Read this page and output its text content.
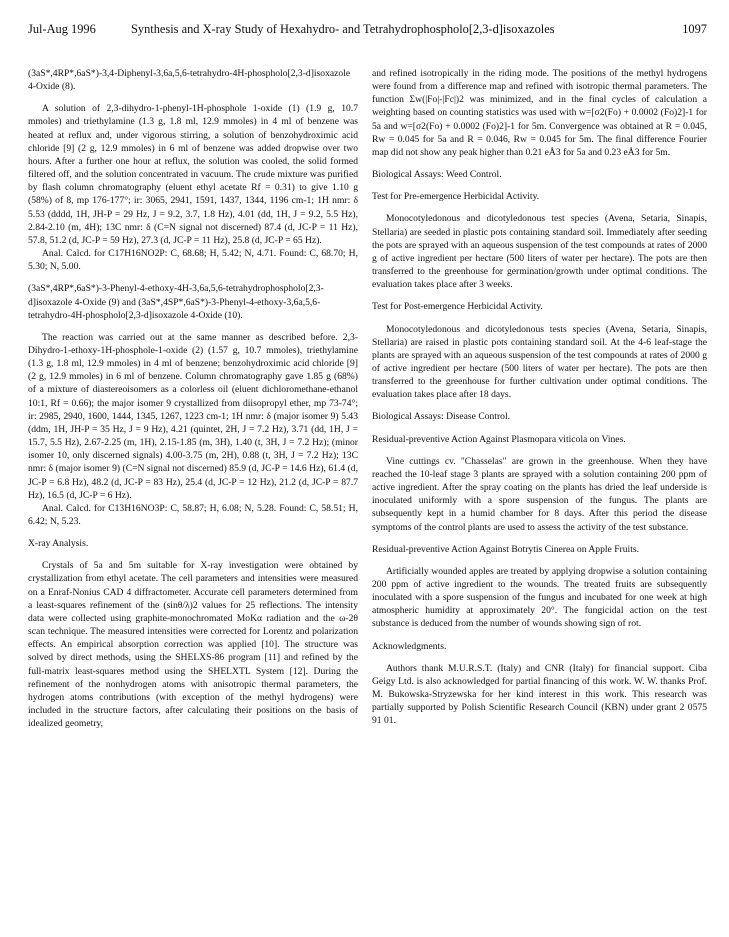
Jul-Aug 1996	Synthesis and X-ray Study of Hexahydro- and Tetrahydrophospholo[2,3-d]isoxazoles	1097

(3aS*,4RP*,6aS*)-3,4-Diphenyl-3,6a,5,6-tetrahydro-4H-phospholo[2,3-d]isoxazole 4-Oxide (8).

A solution of 2,3-dihydro-1-phenyl-1H-phosphole 1-oxide (1) (1.9 g, 10.7 mmoles) and triethylamine (1.3 g, 1.8 ml, 12.9 mmoles) in 4 ml of benzene was heated at reflux and, under vigorous stirring, a solution of benzohydroximic acid chloride [9] (2 g, 12.9 mmoles) in 6 ml of benzene was added dropwise over two hours. After a further one hour at reflux, the solution was cooled, the solid formed filtered off, and the solution concentrated in vacuum. The crude mixture was purified by flash column chromatography (eluent ethyl acetate Rf = 0.31) to give 1.10 g (58%) of 8, mp 176-177°; ir: 3065, 2941, 1591, 1437, 1344, 1196 cm-1; 1H nmr: δ 5.53 (dddd, 1H, JH-P = 29 Hz, J = 9.2, 3.7, 1.8 Hz), 4.01 (dd, 1H, J = 9.2, 5.5 Hz), 2.84-2.10 (m, 4H); 13C nmr: δ (C=N signal not discerned) 87.4 (d, JC-P = 11 Hz), 57.8, 51.2 (d, JC-P = 59 Hz), 27.3 (d, JC-P = 11 Hz), 25.8 (d, JC-P = 65 Hz).

Anal. Calcd. for C17H16NO2P: C, 68.68; H, 5.42; N, 4.71. Found: C, 68.70; H, 5.30; N, 5.00.

(3aS*,4RP*,6aS*)-3-Phenyl-4-ethoxy-4H-3,6a,5,6-tetrahydrophospholo[2,3-d]isoxazole 4-Oxide (9) and (3aS*,4SP*,6aS*)-3-Phenyl-4-ethoxy-3,6a,5,6-tetrahydro-4H-phospholo[2,3-d]isoxazole 4-Oxide (10).

The reaction was carried out at the same manner as described before. 2,3-Dihydro-1-ethoxy-1H-phosphole-1-oxide (2) (1.57 g, 10.7 mmoles), triethylamine (1.3 g, 1.8 ml, 12.9 mmoles) in 4 ml of benzene; benzohydroximic acid chloride [9] (2 g, 12.9 mmoles) in 6 ml of benzene. Column chromatography gave 1.85 g (68%) of a mixture of diastereoisomers as a colorless oil (eluent dichloromethane-ethanol 10:1, Rf = 0.66); the major isomer 9 crystallized from diisopropyl ether, mp 73-74°; ir: 2985, 2940, 1600, 1444, 1345, 1267, 1223 cm-1; 1H nmr: δ (major isomer 9) 5.43 (ddm, 1H, JH-P = 35 Hz, J = 9 Hz), 4.21 (quintet, 2H, J = 7.2 Hz), 3.71 (dd, 1H, J = 15.7, 5.5 Hz), 2.67-2.25 (m, 1H), 2.15-1.85 (m, 3H), 1.40 (t, 3H, J = 7.2 Hz); (minor isomer 10, only discerned signals) 4.00-3.75 (m, 2H), 0.88 (t, 3H, J = 7.2 Hz); 13C nmr: δ (major isomer 9) (C=N signal not discerned) 85.9 (d, JC-P = 14.6 Hz), 61.4 (d, JC-P = 6.8 Hz), 48.2 (d, JC-P = 83 Hz), 25.4 (d, JC-P = 12 Hz), 21.2 (d, JC-P = 87.7 Hz), 16.5 (d, JC-P = 6 Hz).

Anal. Calcd. for C13H16NO3P: C, 58.87; H, 6.08; N, 5.28. Found: C, 58.51; H, 6.42; N, 5.23.

X-ray Analysis.

Crystals of 5a and 5m suitable for X-ray investigation were obtained by crystallization from ethyl acetate. The cell parameters and intensities were measured on a Enraf-Nonius CAD 4 diffractometer. Accurate cell parameters determined from a least-squares refinement of the (sinθ/λ)2 values for 25 reflections. The intensity data were collected using graphite-monochromated MoKα radiation and the ω-2θ scan technique. The measured intensities were corrected for Lorentz and polarization effects. An empirical absorption correction was applied [10]. The structure was solved by direct methods, using the SHELXS-86 program [11] and refined by the full-matrix least-squares method using the SHELXTL System [12]. During the refinement of the nonhydrogen atoms with anisotropic thermal parameters, the hydrogen atoms contributions (with exception of the methyl hydrogens) were included in the structure factors, after calculating their positions on the basis of idealized geometry,

and refined isotropically in the riding mode. The positions of the methyl hydrogens were found from a difference map and refined with isotropic thermal parameters. The function Σw(|Fo|-|Fc|)2 was minimized, and in the final cycles of calculation a weighting based on counting statistics was used with w=[σ2(Fo) + 0.0002 (Fo)2]-1 for 5a and w=[σ2(Fo) + 0.0002 (Fo)2]-1 for 5m. Convergence was obtained at R = 0.045, Rw = 0.045 for 5a and R = 0.046, Rw = 0.045 for 5m. The final difference Fourier map did not show any peak higher than 0.21 eÅ3 for 5a and 0.23 eÅ3 for 5m.

Biological Assays: Weed Control.

Test for Pre-emergence Herbicidal Activity.

Monocotyledonous and dicotyledonous test species (Avena, Setaria, Sinapis, Stellaria) are seeded in plastic pots containing standard soil. Immediately after seeding the pots are sprayed with an aqueous suspension of the test compounds at rates of 2000 g of active ingredient per hectare (500 liters of water per hectare). The pots are then transferred to the greenhouse for germination/growth under optimal conditions. The evaluation takes place after 3 weeks.

Test for Post-emergence Herbicidal Activity.

Monocotyledonous and dicotyledonous tests species (Avena, Setaria, Sinapis, Stellaria) are raised in plastic pots containing standard soil. At the 4-6 leaf-stage the plants are sprayed with an aqueous suspension of the test compounds at rates of 2000 g of active ingredient per hectare (500 liters of water per hectare). The pots are then transferred to the greenhouse for further cultivation under optimal conditions. The evaluation takes place after 18 days.

Biological Assays: Disease Control.

Residual-preventive Action Against Plasmopara viticola on Vines.

Vine cuttings cv. "Chasselas" are grown in the greenhouse. When they have reached the 10-leaf stage 3 plants are sprayed with a solution containing 200 ppm of active ingredient. After the spray coating on the plants has dried the leaf underside is inoculated uniformly with a spore suspension of the fungus. The plants are subsequently kept in a humid chamber for 8 days. After this period the disease symptoms of the control plants are used to assess the activity of the test substance.

Residual-preventive Action Against Botrytis Cinerea on Apple Fruits.

Artificially wounded apples are treated by applying dropwise a solution containing 200 ppm of active ingredient to the wounds. The treated fruits are subsequently inoculated with a spore suspension of the fungus and incubated for one week at high atmospheric humidity at approximately 20°. The fungicidal action on the test substance is deduced from the number of wounds showing sign of rot.

Acknowledgments.

Authors thank M.U.R.S.T. (Italy) and CNR (Italy) for financial support. Ciba Geigy Ltd. is also acknowledged for partial financing of this work. W. W. thanks Prof. M. Bukowska-Stryzewska for her kind interest in this work. This research was partially supported by Polish Scientific Research Council (KBN) under grant 2 0575 91 01.
